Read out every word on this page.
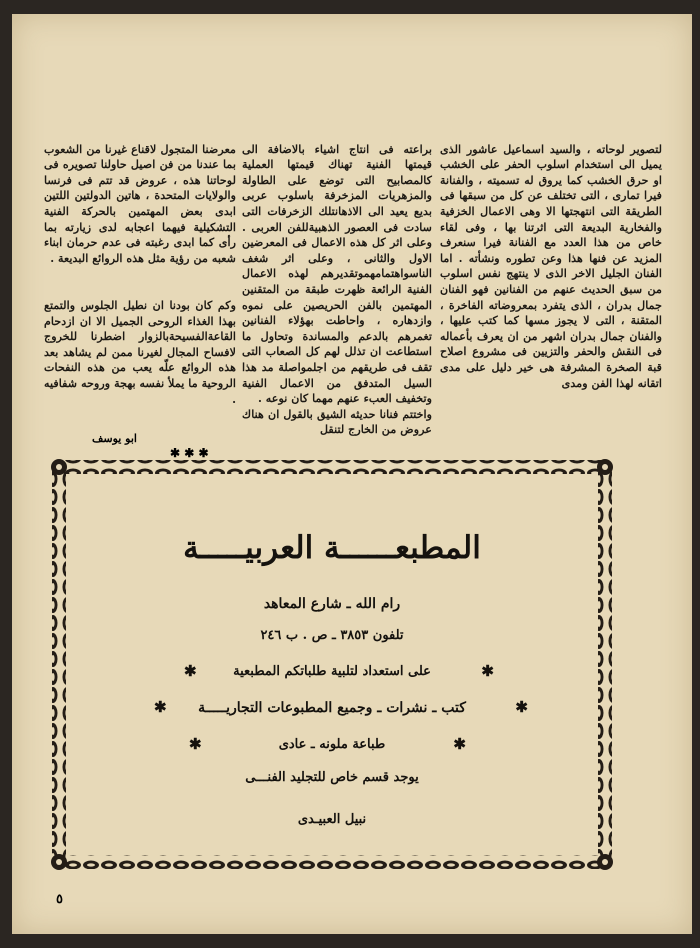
لتصوير لوحاته ، والسيد اسماعيل عاشور الذى يميل الى استخدام اسلوب الحفر على الخشب او حرق الخشب كما يروق له تسميته ، والفنانة فيرا تمارى ، التى تختلف عن كل من سبقها فى الطريقة التى انتهجتها الا وهى الاعمال الخزفية والفخارية البديعة التى اثرتنا بها ، وفى لقاء خاص من هذا العدد مع الفنانة فيرا سنعرف المزيد عن فنها هذا وعن تطوره ونشأته . اما الفنان الجليل الاخر الذى لا ينتهج نفس اسلوب من سبق الحديث عنهم من الفنانين فهو الفنان جمال بدران ، الذى يتفرد بمعروضاته الفاخرة ، المتقنة ، التى لا يجوز مسها كما كتب عليها ، والفنان جمال بدران اشهر من ان يعرف بأعماله فى النقش والحفر والتزيين فى مشروع اصلاح قبة الصخرة المشرفة هى خير دليل على مدى اتقانه لهذا الفن ومدى

براعته فى انتاج اشياء بالاضافة الى قيمتها الفنية تهناك قيمتها العملية كالمصابيح التى توضع على الطاولة والمزهريات المزخرفة باسلوب عربى بديع يعيد الى الاذهانتلك الزخرفات التى سادت فى العصور الذهبيةللفن العربى . وعلى اثر كل هذه الاعمال فى المعرضين الاول والثانى ، وعلى اثر شغف الناسواهتمامهموتقديرهم لهذه الاعمال الفنية الرائعة ظهرت طبقة من المتقنين المهتمين بالفن الحريصين على نموه وازدهاره ، واحاطت بهؤلاء الفنانين تغمرهم بالدعم والمساندة وتحاول ما استطاعت ان تذلل لهم كل الصعاب التى تقف فى طريقهم من اجلمواصلة مد هذا السيل المتدفق من الاعمال الفنية وتخفيف العبء عنهم مهما كان نوعه .
واختتم فنانا حديثه الشيق بالقول ان هناك عروض من الخارج لتنقل

معرضنا المتجول لاقناع غيرنا من الشعوب بما عندنا من فن اصيل حاولنا تصويره فى لوحاتنا هذه ، عروض قد تتم فى فرنسا والولايات المتحدة ، هاتين الدولتين اللتين ابدى بعض المهتمين بالحركة الفنية التشكيلية فيهما اعجابه لدى زيارته بما رأى كما ابدى رغبته فى عدم حرمان ابناء شعبه من رؤية مثل هذه الروائع البديعة .

وكم كان بودنا ان نطيل الجلوس والتمتع بهذا الغذاء الروحى الجميل الا ان ازدحام القاعةالفسيحةبالزوار اضطرنا للخروج لافساح المجال لغيرنا ممن لم يشاهد بعد هذه الروائع علّه يعب من هذه النفحات الروحية ما يملأ نفسه بهجة وروحه شفافيه .

ابو يوسف
✱ ✱ ✱
المطبعــــــة العربيـــــة
رام الله ـ شارع المعاهد
تلفون ٣٨٥٣ ـ ص . ب ٢٤٦
✱
على استعداد لتلبية طلباتكم المطبعية
✱
✱
كتب ـ نشرات ـ وجميع المطبوعات التجاريـــــة
✱
✱
طباعة ملونه ـ عادى
✱
يوجد قسم خاص للتجليد الفنـــى
نبيل العبيـدى
٥
